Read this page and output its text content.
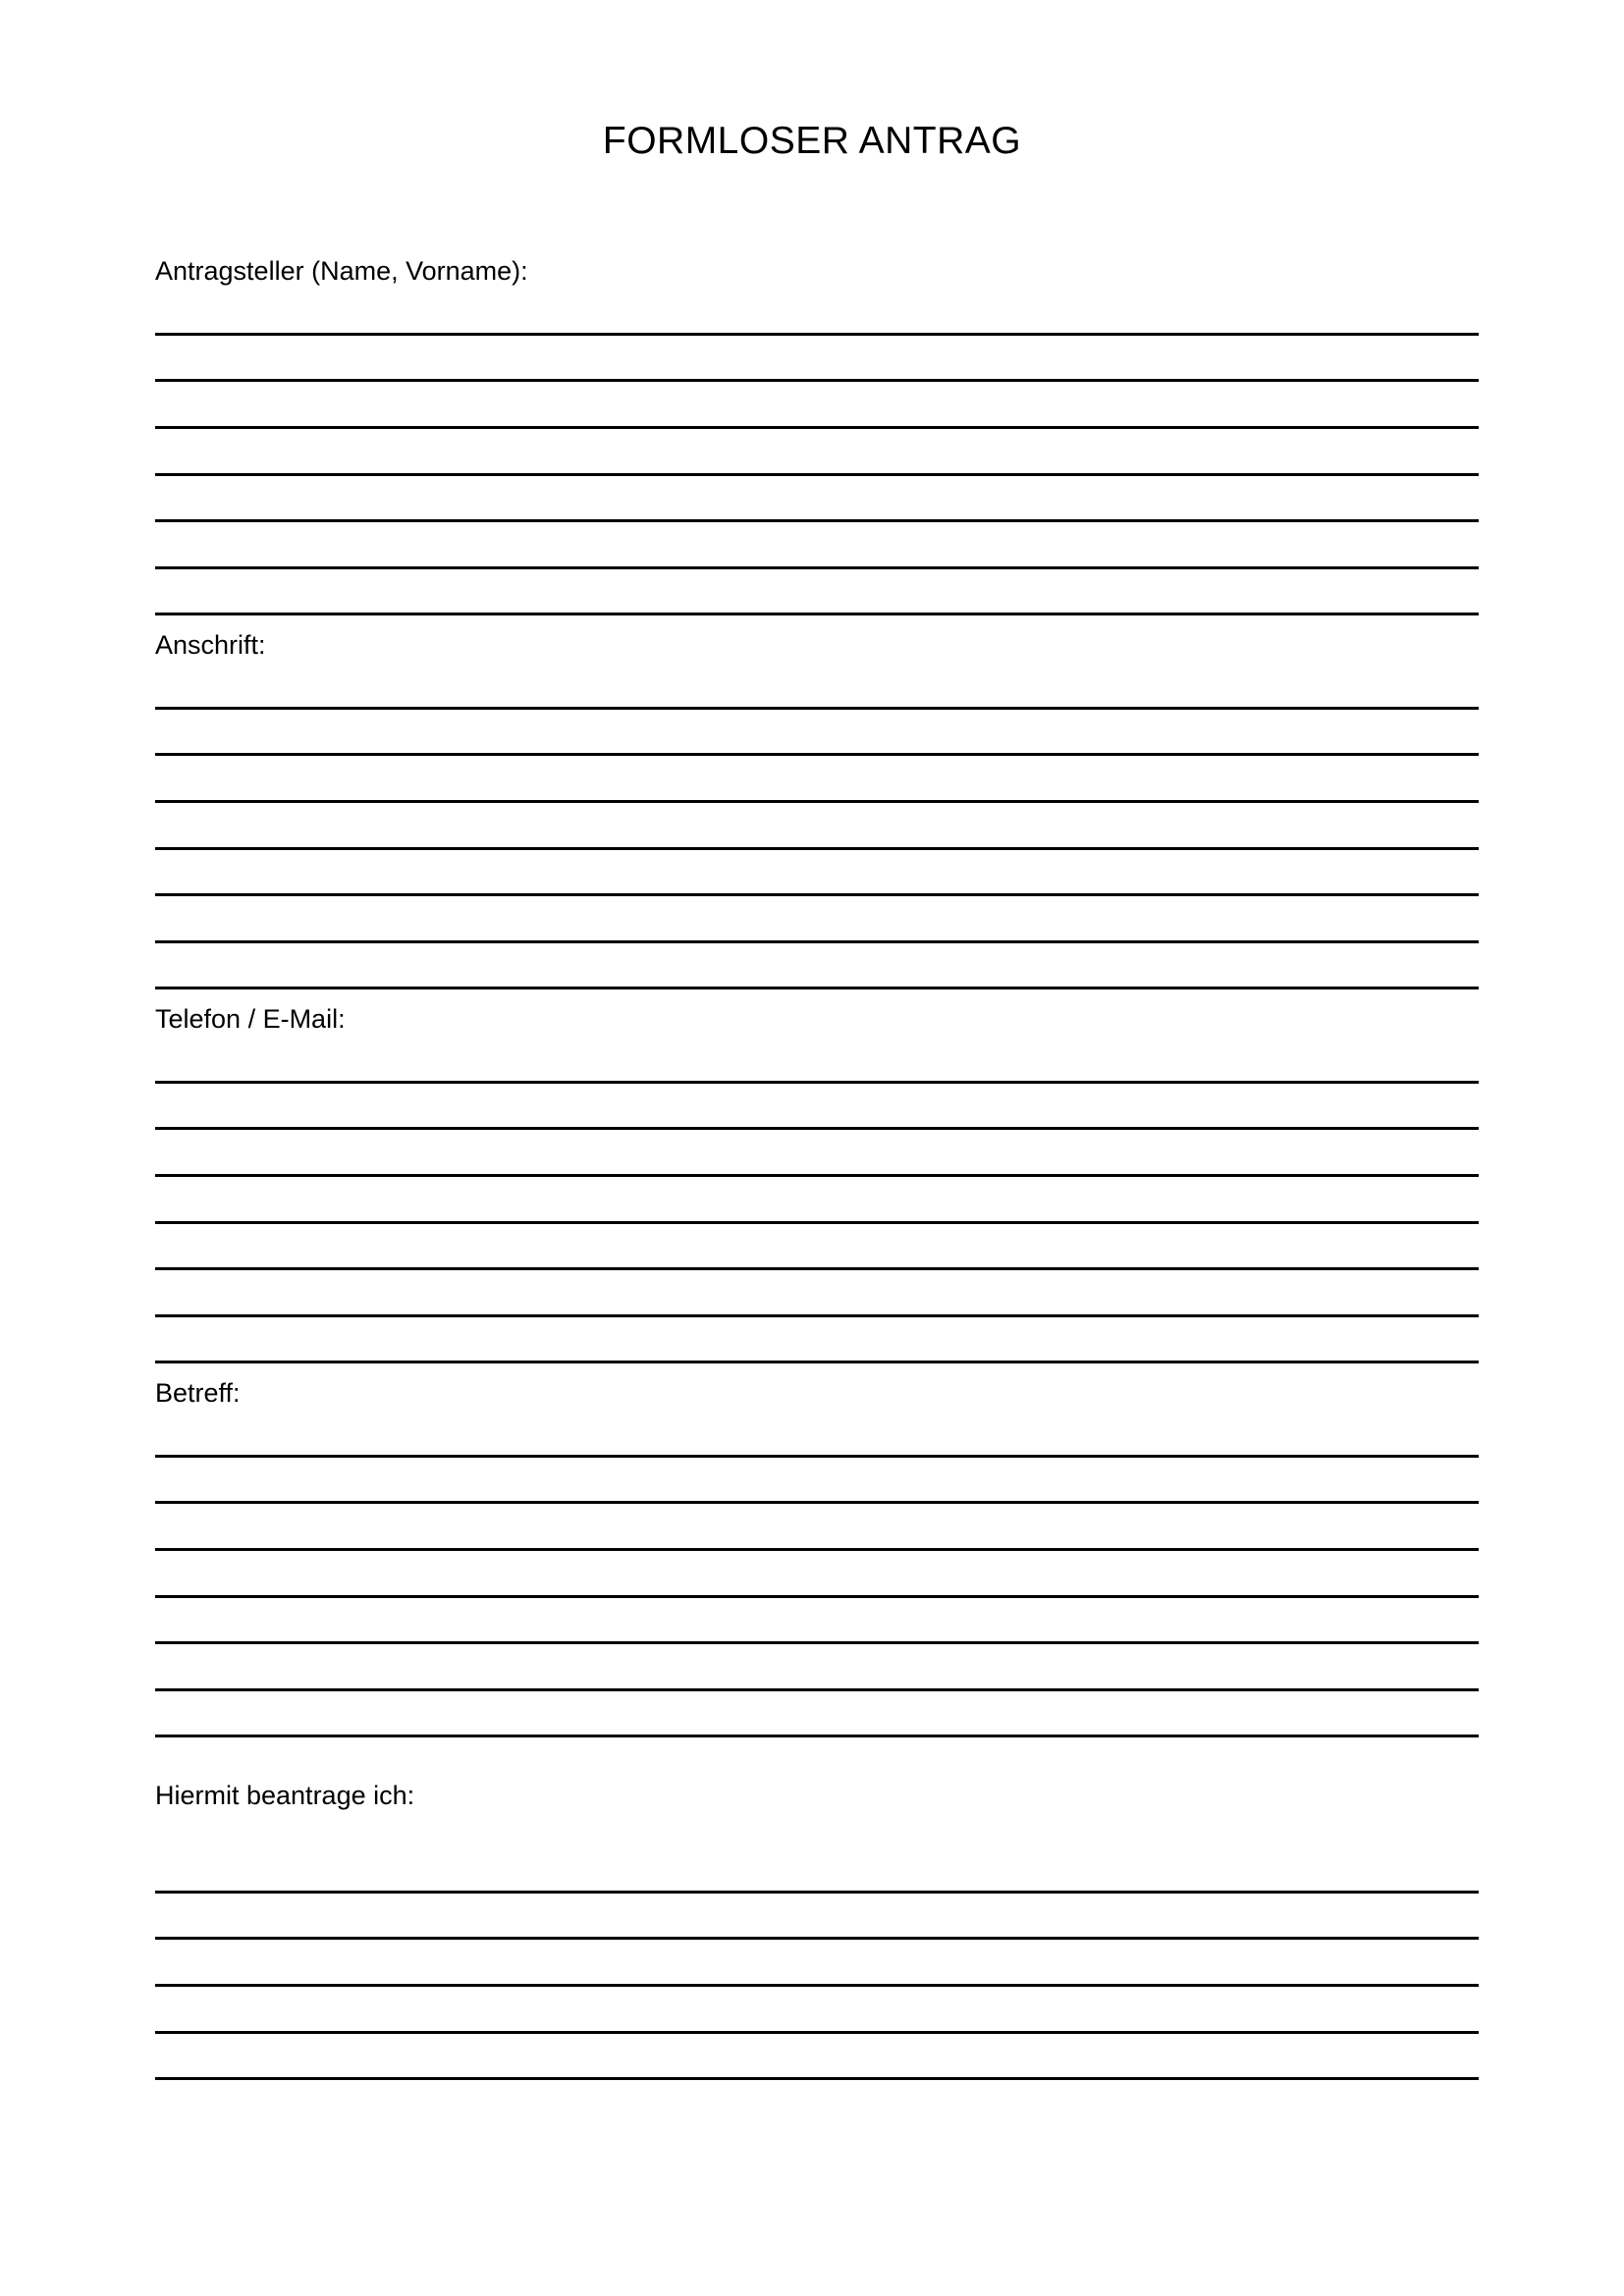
FORMLOSER ANTRAG
Antragsteller (Name, Vorname):
Anschrift:
Telefon / E-Mail:
Betreff:
Hiermit beantrage ich:
